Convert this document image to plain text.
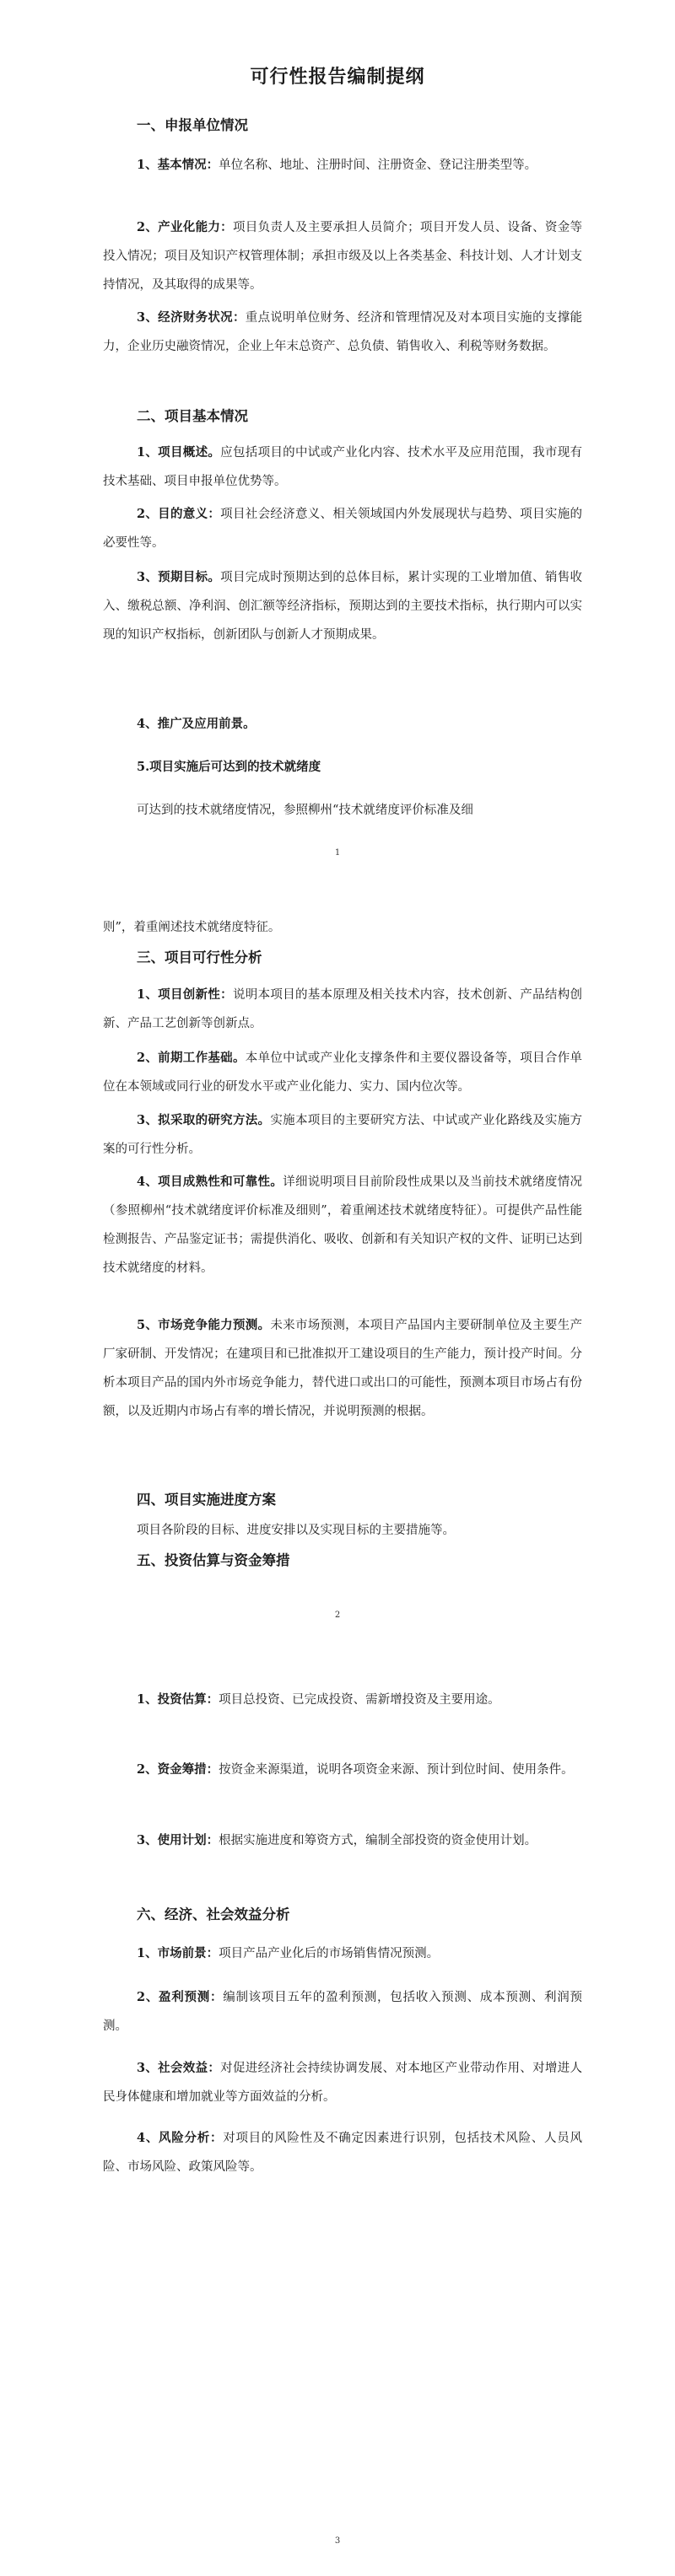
可行性报告编制提纲
一、申报单位情况

1、基本情况：单位名称、地址、注册时间、注册资金、登记注册类型等。

2、产业化能力：项目负责人及主要承担人员简介；项目开发人员、设备、资金等投入情况；项目及知识产权管理体制；承担市级及以上各类基金、科技计划、人才计划支持情况，及其取得的成果等。

3、经济财务状况：重点说明单位财务、经济和管理情况及对本项目实施的支撑能力，企业历史融资情况，企业上年末总资产、总负债、销售收入、利税等财务数据。

二、项目基本情况

1、项目概述。应包括项目的中试或产业化内容、技术水平及应用范围，我市现有技术基础、项目申报单位优势等。

2、目的意义：项目社会经济意义、相关领域国内外发展现状与趋势、项目实施的必要性等。

3、预期目标。项目完成时预期达到的总体目标，累计实现的工业增加值、销售收入、缴税总额、净利润、创汇额等经济指标，预期达到的主要技术指标，执行期内可以实现的知识产权指标，创新团队与创新人才预期成果。

4、推广及应用前景。

5.项目实施后可达到的技术就绪度

可达到的技术就绪度情况，参照柳州“技术就绪度评价标准及细

1

则”，着重阐述技术就绪度特征。

三、项目可行性分析

1、项目创新性：说明本项目的基本原理及相关技术内容，技术创新、产品结构创新、产品工艺创新等创新点。

2、前期工作基础。本单位中试或产业化支撑条件和主要仪器设备等，项目合作单位在本领域或同行业的研发水平或产业化能力、实力、国内位次等。

3、拟采取的研究方法。实施本项目的主要研究方法、中试或产业化路线及实施方案的可行性分析。

4、项目成熟性和可靠性。详细说明项目目前阶段性成果以及当前技术就绪度情况（参照柳州“技术就绪度评价标准及细则”，着重阐述技术就绪度特征）。可提供产品性能检测报告、产品鉴定证书；需提供消化、吸收、创新和有关知识产权的文件、证明已达到技术就绪度的材料。

5、市场竞争能力预测。未来市场预测，本项目产品国内主要研制单位及主要生产厂家研制、开发情况；在建项目和已批准拟开工建设项目的生产能力，预计投产时间。分析本项目产品的国内外市场竞争能力，替代进口或出口的可能性，预测本项目市场占有份额，以及近期内市场占有率的增长情况，并说明预测的根据。

四、项目实施进度方案

项目各阶段的目标、进度安排以及实现目标的主要措施等。

五、投资估算与资金筹措
2

1、投资估算：项目总投资、已完成投资、需新增投资及主要用途。

2、资金筹措：按资金来源渠道，说明各项资金来源、预计到位时间、使用条件。

3、使用计划：根据实施进度和筹资方式，编制全部投资的资金使用计划。

六、经济、社会效益分析

1、市场前景：项目产品产业化后的市场销售情况预测。

2、盈利预测：编制该项目五年的盈利预测，包括收入预测、成本预测、利润预测。

3、社会效益：对促进经济社会持续协调发展、对本地区产业带动作用、对增进人民身体健康和增加就业等方面效益的分析。

4、风险分析：对项目的风险性及不确定因素进行识别，包括技术风险、人员风险、市场风险、政策风险等。

3
